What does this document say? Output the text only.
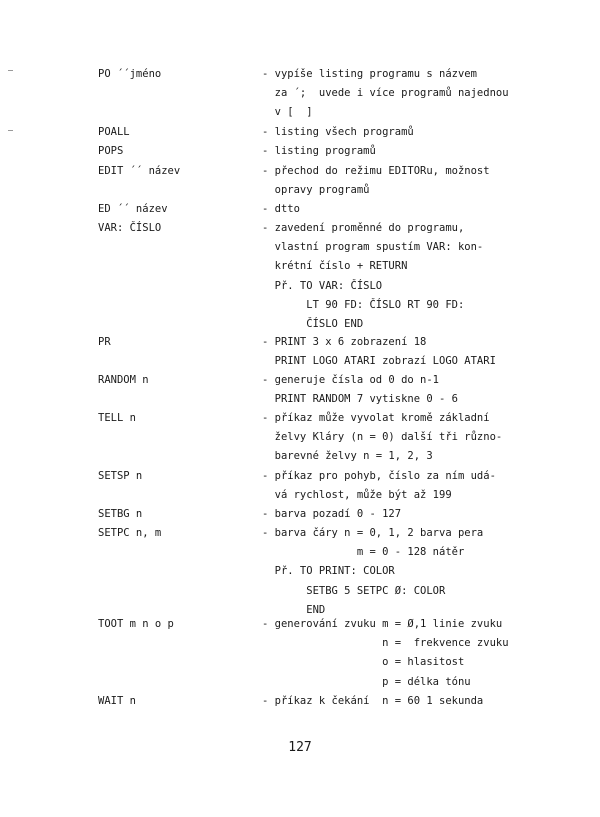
PO ´´jméno	- vypíše listing programu s názvem
za ´;  uvede i více programů najednou
v [  ]
POALL	- listing všech programů
POPS	- listing programů
EDIT ´´ název	- přechod do režimu EDITORu, možnost
opravy programů
ED ´´ název	- dtto
VAR: ČÍSLO	- zavedení proměnné do programu,
vlastní program spustím VAR: kon-
krétní číslo + RETURN
Př. TO VAR: ČÍSLO
LT 90 FD: ČÍSLO RT 90 FD:
ČÍSLO END
PR	- PRINT 3 x 6 zobrazení 18
PRINT LOGO ATARI zobrazí LOGO ATARI
RANDOM n	- generuje čísla od 0 do n-1
PRINT RANDOM 7 vytiskne 0 - 6
TELL n	- příkaz může vyvolat kromě základní
želvy Kláry (n = 0) další tři různo-
barevné želvy n = 1, 2, 3
SETSP n	- příkaz pro pohyb, číslo za ním udá-
vá rychlost, může být až 199
SETBG n	- barva pozadí 0 - 127
SETPC n, m	- barva čáry n = 0, 1, 2 barva pera
m = 0 - 128 nátěr
Př. TO PRINT: COLOR
SETBG 5 SETPC Ø: COLOR
END
TOOT m n o p	- generování zvuku m = Ø,1 linie zvuku
n =  frekvence zvuku
o = hlasitost
p = délka tónu
WAIT n	- příkaz k čekání  n = 60 1 sekunda
127
